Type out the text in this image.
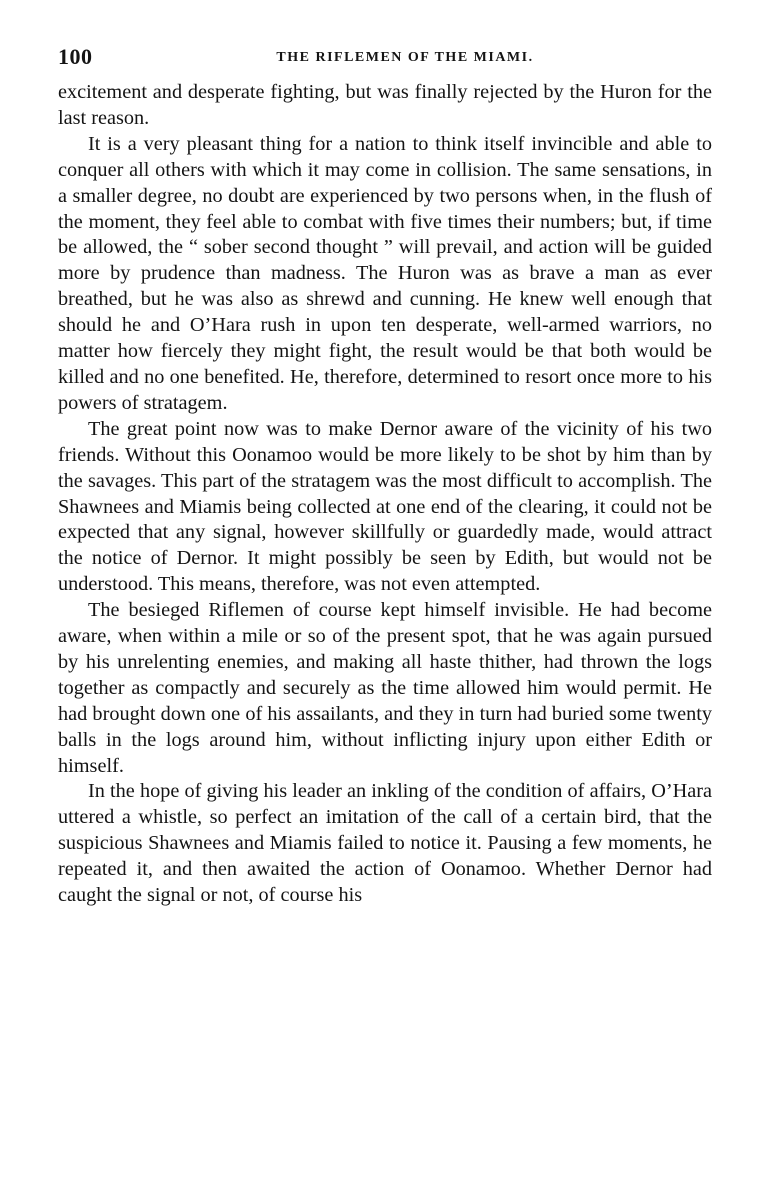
100	THE RIFLEMEN OF THE MIAMI.

excitement and desperate fighting, but was finally rejected by the Huron for the last reason.

It is a very pleasant thing for a nation to think itself invincible and able to conquer all others with which it may come in collision. The same sensations, in a smaller degree, no doubt are experienced by two persons when, in the flush of the moment, they feel able to combat with five times their numbers; but, if time be allowed, the “ sober second thought ” will prevail, and action will be guided more by prudence than madness. The Huron was as brave a man as ever breathed, but he was also as shrewd and cunning. He knew well enough that should he and O’Hara rush in upon ten desperate, well-armed warriors, no matter how fiercely they might fight, the result would be that both would be killed and no one benefited. He, therefore, determined to resort once more to his powers of stratagem.

The great point now was to make Dernor aware of the vicinity of his two friends. Without this Oonamoo would be more likely to be shot by him than by the savages. This part of the stratagem was the most difficult to accomplish. The Shawnees and Miamis being collected at one end of the clearing, it could not be expected that any signal, however skillfully or guardedly made, would attract the notice of Dernor. It might possibly be seen by Edith, but would not be understood. This means, therefore, was not even attempted.

The besieged Riflemen of course kept himself invisible. He had become aware, when within a mile or so of the present spot, that he was again pursued by his unrelenting enemies, and making all haste thither, had thrown the logs together as compactly and securely as the time allowed him would permit. He had brought down one of his assailants, and they in turn had buried some twenty balls in the logs around him, without inflicting injury upon either Edith or himself.

In the hope of giving his leader an inkling of the condition of affairs, O’Hara uttered a whistle, so perfect an imitation of the call of a certain bird, that the suspicious Shawnees and Miamis failed to notice it. Pausing a few moments, he repeated it, and then awaited the action of Oonamoo. Whether Dernor had caught the signal or not, of course his
